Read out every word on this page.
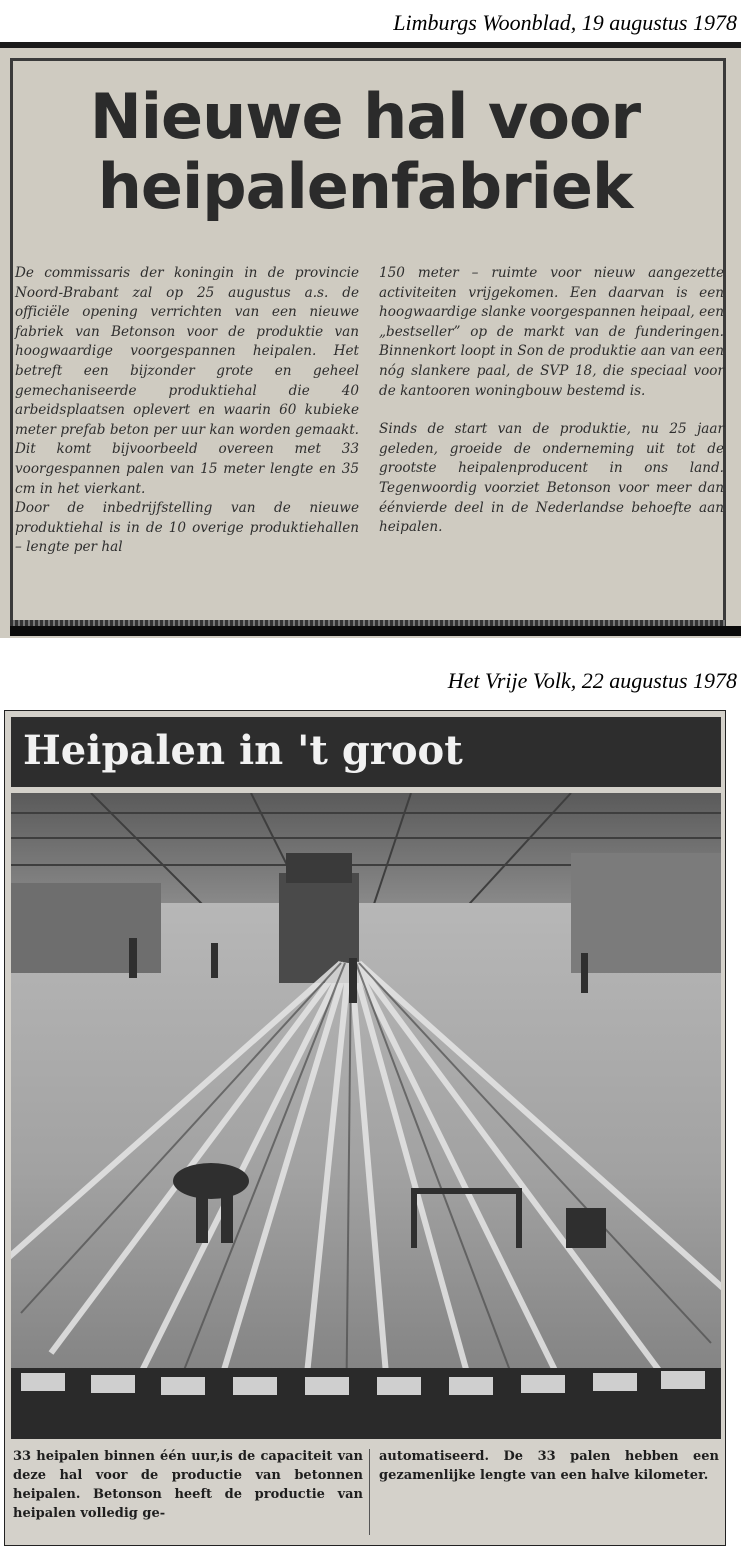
Limburgs Woonblad, 19 augustus 1978
Nieuwe hal voor
heipalenfabriek

De commissaris der koningin in de provincie Noord-Brabant zal op 25 augustus a.s. de officiële opening verrichten van een nieuwe fabriek van Betonson voor de produktie van hoogwaardige voorgespannen heipalen. Het betreft een bijzonder grote en geheel gemechaniseerde produktiehal die 40 arbeidsplaatsen oplevert en waarin 60 kubieke meter prefab beton per uur kan worden gemaakt. Dit komt bijvoorbeeld overeen met 33 voorgespannen palen van 15 meter lengte en 35 cm in het vierkant.

Door de inbedrijfstelling van de nieuwe produktiehal is in de 10 overige produktiehallen – lengte per hal

150 meter – ruimte voor nieuw aangezette activiteiten vrijgekomen. Een daarvan is een hoogwaardige slanke voorgespannen heipaal, een „bestseller” op de markt van de funderingen. Binnenkort loopt in Son de produktie aan van een nóg slankere paal, de SVP 18, die speciaal voor de kantooren woningbouw bestemd is.

Sinds de start van de produktie, nu 25 jaar geleden, groeide de onderneming uit tot de grootste heipalenproducent in ons land. Tegenwoordig voorziet Betonson voor meer dan éénvierde deel in de Nederlandse behoefte aan heipalen.

Het Vrije Volk, 22 augustus 1978
Heipalen in 't groot
33 heipalen binnen één uur,is de capaciteit van deze hal voor de productie van betonnen heipalen. Betonson heeft de productie van heipalen volledig ge-
automatiseerd. De 33 palen hebben een gezamenlijke lengte van een halve kilometer.
